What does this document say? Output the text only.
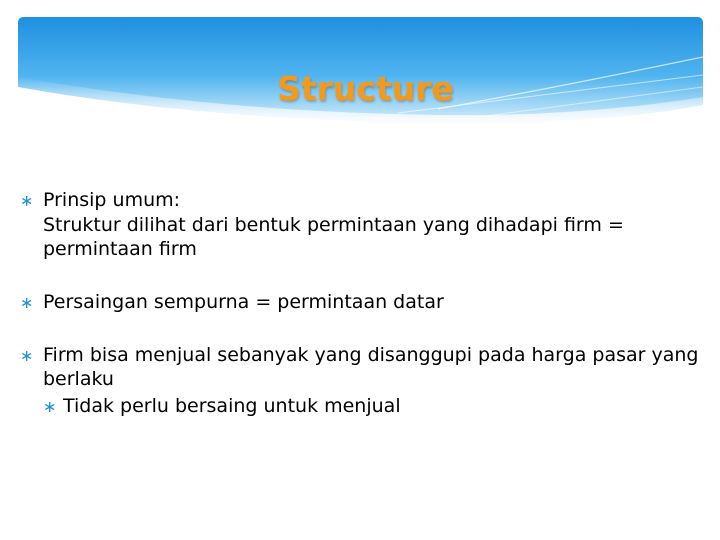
Structure
∗ Prinsip umum:

Struktur dilihat dari bentuk permintaan yang dihadapi firm = permintaan firm

∗ Persaingan sempurna = permintaan datar

∗ Firm bisa menjual sebanyak yang disanggupi pada harga pasar yang berlaku

∗ Tidak perlu bersaing untuk menjual
